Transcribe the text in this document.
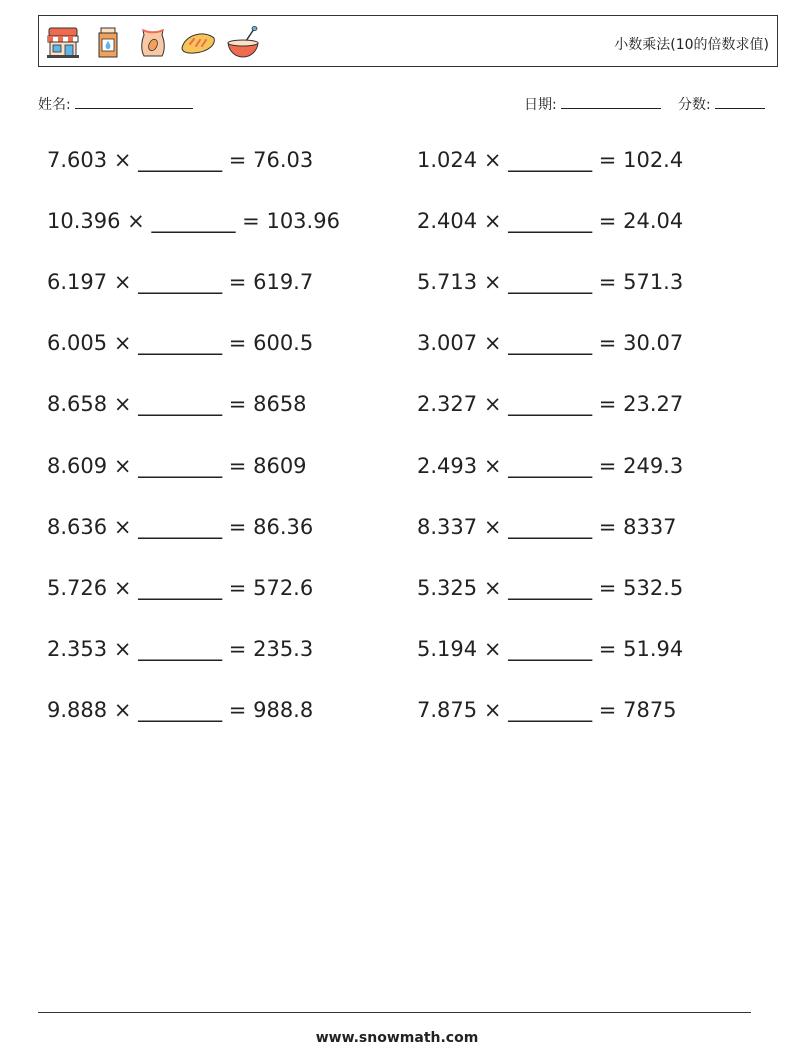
小数乘法(10的倍数求值)
姓名:	日期:	分数:
7.603 × ________ = 76.03
10.396 × ________ = 103.96
6.197 × ________ = 619.7
6.005 × ________ = 600.5
8.658 × ________ = 8658
8.609 × ________ = 8609
8.636 × ________ = 86.36
5.726 × ________ = 572.6
2.353 × ________ = 235.3
9.888 × ________ = 988.8
1.024 × ________ = 102.4
2.404 × ________ = 24.04
5.713 × ________ = 571.3
3.007 × ________ = 30.07
2.327 × ________ = 23.27
2.493 × ________ = 249.3
8.337 × ________ = 8337
5.325 × ________ = 532.5
5.194 × ________ = 51.94
7.875 × ________ = 7875
www.snowmath.com
